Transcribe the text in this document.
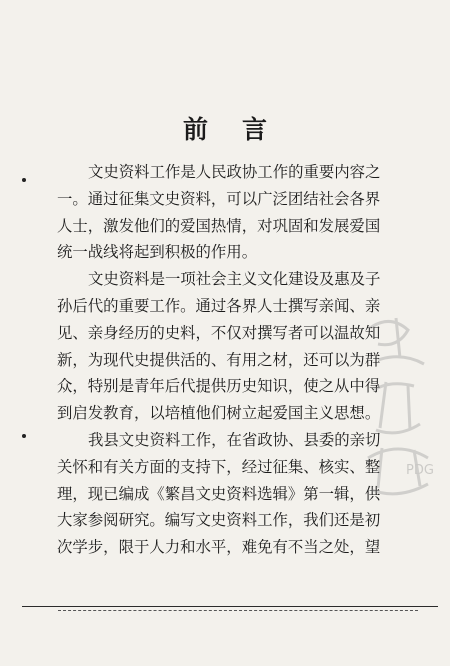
前言
文史资料工作是人民政协工作的重要内容之
一。通过征集文史资料，可以广泛团结社会各界
人士，激发他们的爱国热情，对巩固和发展爱国
统一战线将起到积极的作用。
文史资料是一项社会主义文化建设及惠及子
孙后代的重要工作。通过各界人士撰写亲闻、亲
见、亲身经历的史料，不仅对撰写者可以温故知
新，为现代史提供活的、有用之材，还可以为群
众，特别是青年后代提供历史知识，使之从中得
到启发教育，以培植他们树立起爱国主义思想。
我县文史资料工作，在省政协、县委的亲切
关怀和有关方面的支持下，经过征集、核实、整
理，现已编成《繁昌文史资料选辑》第一辑，供
大家参阅研究。编写文史资料工作，我们还是初
次学步，限于人力和水平，难免有不当之处，望
PDG
